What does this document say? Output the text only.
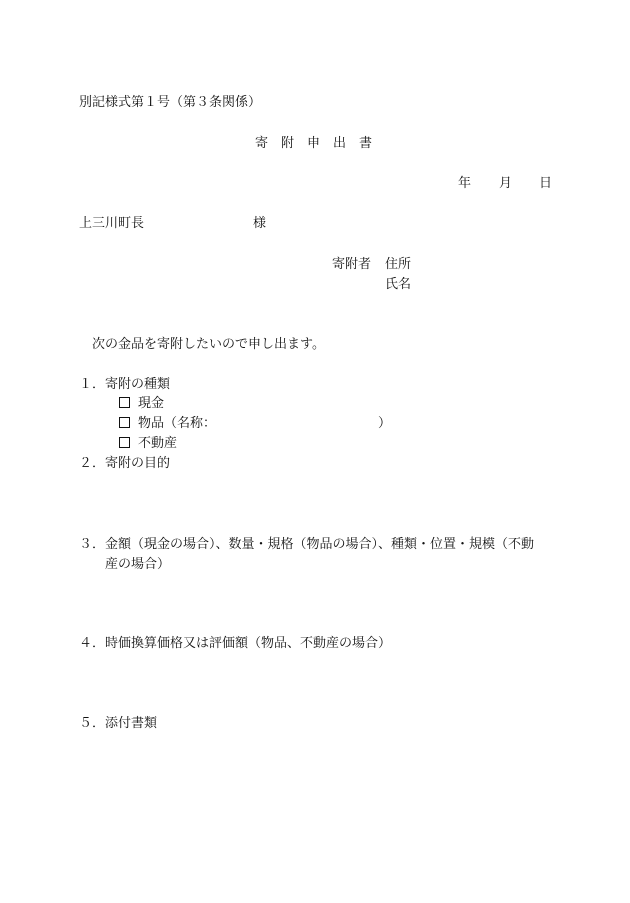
別記様式第１号（第３条関係）
寄　附　申　出　書
年 月 日
上三川町長	様
寄附者 住所
氏名
次の金品を寄附したいので申し出ます。
１．寄附の種類
現金
物品（名称：	）
不動産
２．寄附の目的
３．金額（現金の場合）、数量・規格（物品の場合）、種類・位置・規模（不動
産の場合）
４．時価換算価格又は評価額（物品、不動産の場合）
５．添付書類
